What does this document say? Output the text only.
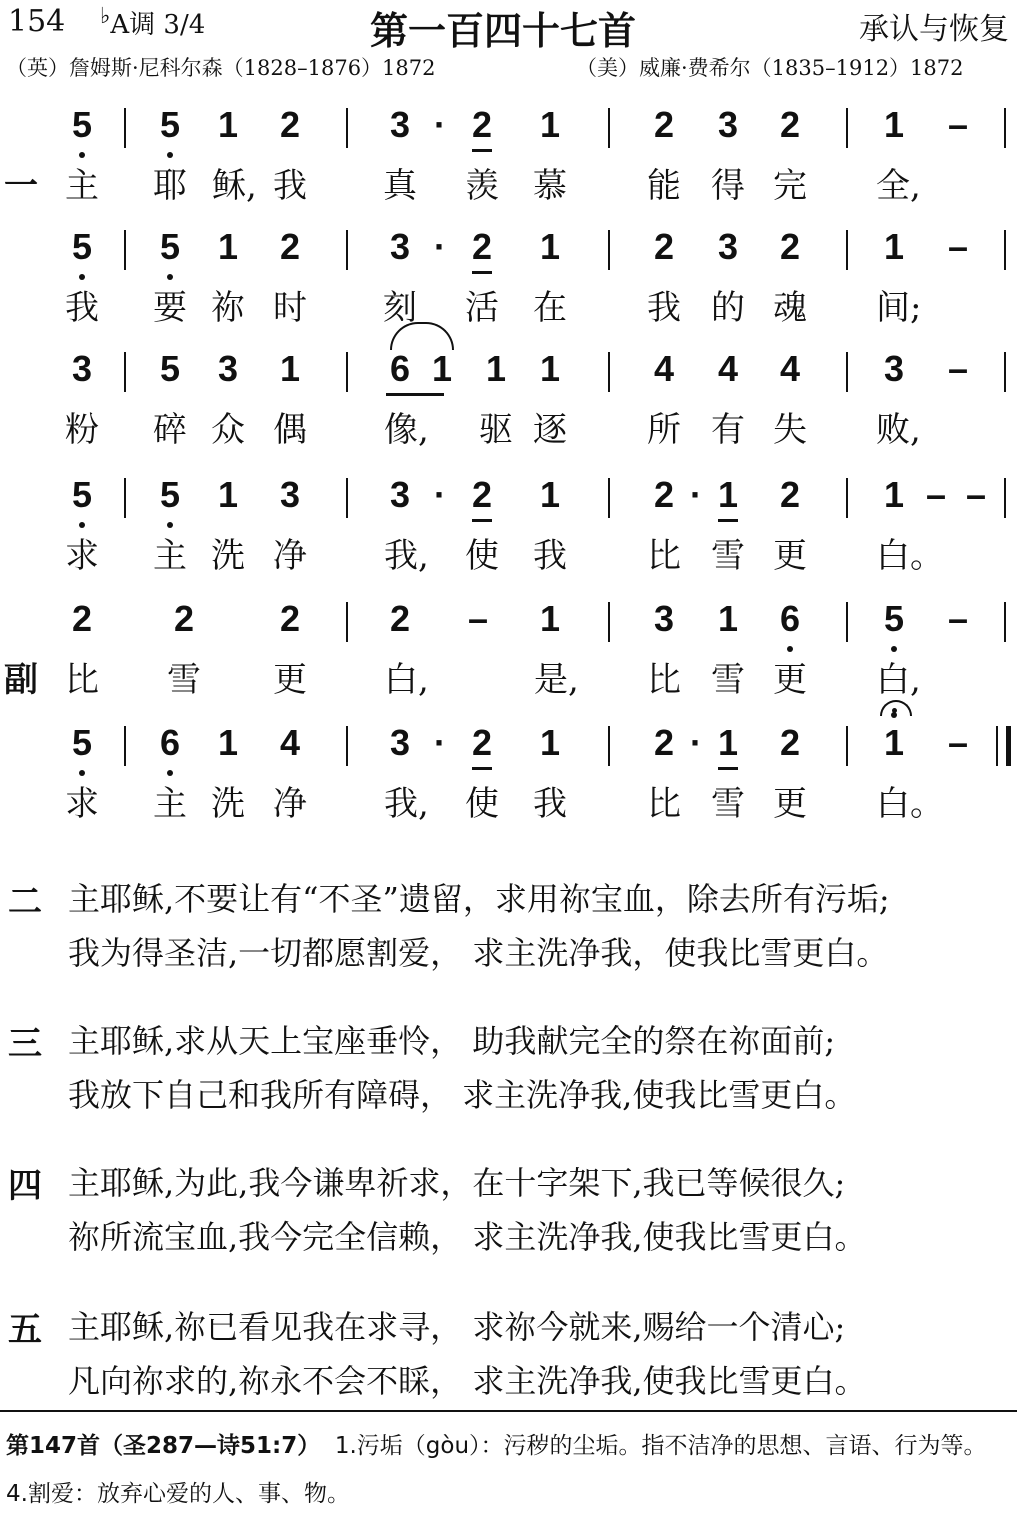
154 ♭A调 3/4	第一百四十七首	承认与恢复
（英）詹姆斯·尼科尔森（1828–1876）1872	（美）威廉·费希尔（1835–1912）1872
5 5 1 2 3 · 2 1	2 3 2 1 –
一 主 耶 稣, 我 真 羡 慕 能 得 完 全,
5 5 1 2 3 · 2 1	2 3 2 1 –
我 要 祢 时 刻 活 在 我 的 魂 间;
3 5 3 1 6 1 1 1	4 4 4 3 –
粉 碎 众 偶 像, 驱 逐 所 有 失 败,
5 5 1 3 3 · 2 1	2 · 1 2 1 – –
求 主 洗 净 我, 使 我 比 雪 更 白。
2 2 2 2 – 1	3 1 6 5 –
副 比 雪 更 白,	是, 比 雪 更 白,
5 6 1 4 3 · 2 1	2 · 1 2 1 –
求 主 洗 净 我, 使 我 比 雪 更 白。
二 主耶稣,不要让有“不圣”遗留，求用祢宝血，除去所有污垢;
我为得圣洁,一切都愿割爱， 求主洗净我，使我比雪更白。
三 主耶稣,求从天上宝座垂怜， 助我献完全的祭在祢面前;
我放下自己和我所有障碍， 求主洗净我,使我比雪更白。
四 主耶稣,为此,我今谦卑祈求，在十字架下,我已等候很久;
祢所流宝血,我今完全信赖， 求主洗净我,使我比雪更白。
五 主耶稣,祢已看见我在求寻， 求祢今就来,赐给一个清心;
凡向祢求的,祢永不会不睬， 求主洗净我,使我比雪更白。
第147首（圣287—诗51:7） 1.污垢（gòu）：污秽的尘垢。指不洁净的思想、言语、行为等。 4.割爱：放弃心爱的人、事、物。
